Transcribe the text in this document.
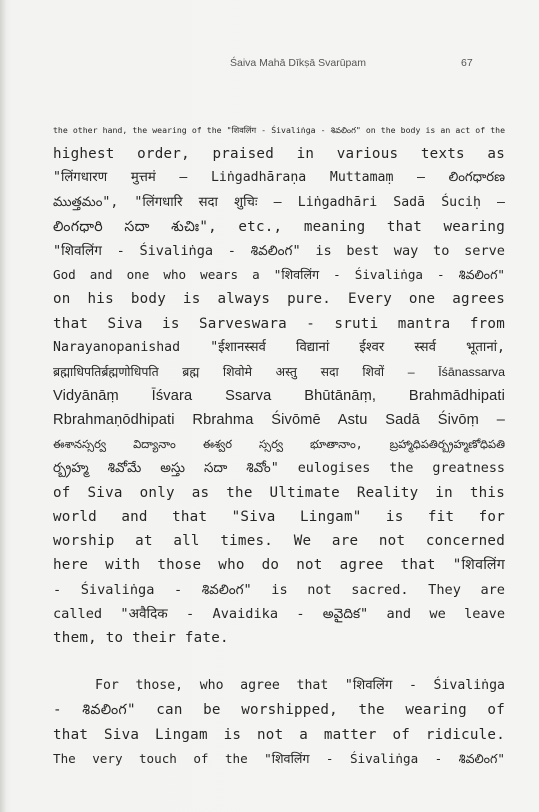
Śaiva Mahā Dīkṣā Svarūpam	67
the other hand, the wearing of the "शिवलिंग - Śivaliṅga - శివలింగ" on the body is an act of the
highest order, praised in various texts as
"लिंगधारण मुत्तमं – Liṅgadhāraṇa Muttamaṃ – లింగధారణ
ముత్తమం", "लिंगधारि सदा शुचिः – Liṅgadhāri Sadā Śuciḥ –
లింగధారి సదా శుచిః", etc., meaning that wearing
"शिवलिंग - Śivaliṅga - శివలింగ" is best way to serve
God and one who wears a "शिवलिंग - Śivaliṅga - శివలింగ"
on his body is always pure. Every one agrees
that Siva is Sarveswara - sruti mantra from
Narayanopanishad "ईशानस्सर्व विद्यानां ईश्वर स्सर्व भूतानां,
ब्रह्माधिपतिर्ब्रह्मणोधिपति ब्रह्म शिवोमे अस्तु सदा शिवों – Īśānassarva
Vidyānāṃ Īśvara Ssarva Bhūtānāṃ, Brahmādhipati
Rbrahmaṇōdhipati Rbrahma Śivōmē Astu Sadā Śivōṃ –
ఈశానస్సర్వ విద్యానాం ఈశ్వర స్సర్వ భూతానాం, బ్రహ్మాధిపతిర్బ్రహ్మణోధిపతి
ర్బ్రహ్మ శివోమే అస్తు సదా శివోం" eulogises the greatness
of Siva only as the Ultimate Reality in this
world and that "Siva Lingam" is fit for
worship at all times. We are not concerned
here with those who do not agree that "शिवलिंग
- Śivaliṅga - శివలింగ" is not sacred. They are
called "अवैदिक - Avaidika - అవైదిక" and we leave
them, to their fate.
For those, who agree that "शिवलिंग - Śivaliṅga
- శివలింగ" can be worshipped, the wearing of
that Siva Lingam is not a matter of ridicule.
The very touch of the "शिवलिंग - Śivaliṅga - శివలింగ"
